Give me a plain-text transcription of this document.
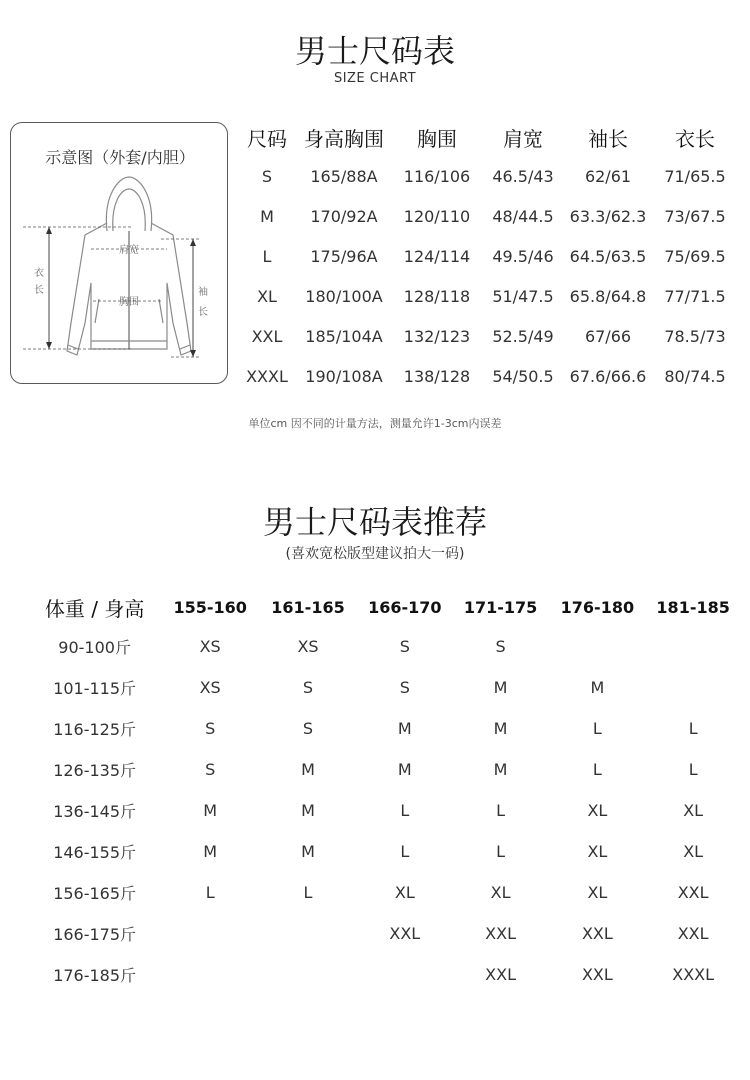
男士尺码表
SIZE CHART
示意图（外套/内胆）
肩宽
胸围
衣
长	袖
长
尺码	身高胸围	胸围	肩宽	袖长	衣长
S	165/88A	116/106	46.5/43	62/61	71/65.5
M	170/92A	120/110	48/44.5	63.3/62.3	73/67.5
L	175/96A	124/114	49.5/46	64.5/63.5	75/69.5
XL	180/100A	128/118	51/47.5	65.8/64.8	77/71.5
XXL	185/104A	132/123	52.5/49	67/66	78.5/73
XXXL	190/108A	138/128	54/50.5	67.6/66.6	80/74.5
单位cm 因不同的计量方法，测量允许1-3cm内误差
男士尺码表推荐
(喜欢宽松版型建议拍大一码)
体重 / 身高	155-160	161-165	166-170	171-175	176-180	181-185
90-100斤	XS	XS	S	S		
101-115斤	XS	S	S	M	M	
116-125斤	S	S	M	M	L	L
126-135斤	S	M	M	M	L	L
136-145斤	M	M	L	L	XL	XL
146-155斤	M	M	L	L	XL	XL
156-165斤	L	L	XL	XL	XL	XXL
166-175斤			XXL	XXL	XXL	XXL
176-185斤				XXL	XXL	XXXL
